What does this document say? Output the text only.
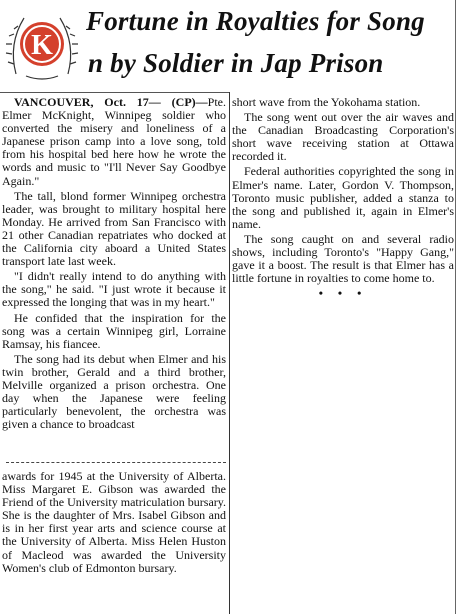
K
Fortune in Royalties for Song
n by Soldier in Jap Prison

VANCOUVER, Oct. 17— (CP)—Pte. Elmer McKnight, Winnipeg soldier who converted the misery and loneliness of a Japanese prison camp into a love song, told from his hospital bed here how he wrote the words and music to "I'll Never Say Goodbye Again."

The tall, blond former Winnipeg orchestra leader, was brought to military hospital here Monday. He arrived from San Francisco with 21 other Canadian repatriates who docked at the California city aboard a United States transport late last week.

"I didn't really intend to do anything with the song," he said. "I just wrote it because it expressed the longing that was in my heart."

He confided that the inspiration for the song was a certain Winnipeg girl, Lorraine Ramsay, his fiancee.

The song had its debut when Elmer and his twin brother, Gerald and a third brother, Melville organized a prison orchestra. One day when the Japanese were feeling particularly benevolent, the orchestra was given a chance to broadcast

short wave from the Yokohama station.

The song went out over the air waves and the Canadian Broadcasting Corporation's short wave receiving station at Ottawa recorded it.

Federal authorities copyrighted the song in Elmer's name. Later, Gordon V. Thompson, Toronto music publisher, added a stanza to the song and published it, again in Elmer's name.

The song caught on and several radio shows, including Toronto's "Happy Gang," gave it a boost. The result is that Elmer has a little fortune in royalties to come home to.

• • •

awards for 1945 at the University of Alberta. Miss Margaret E. Gibson was awarded the Friend of the University matriculation bursary. She is the daughter of Mrs. Isabel Gibson and is in her first year arts and science course at the University of Alberta. Miss Helen Huston of Macleod was awarded the University Women's club of Edmonton bursary.
